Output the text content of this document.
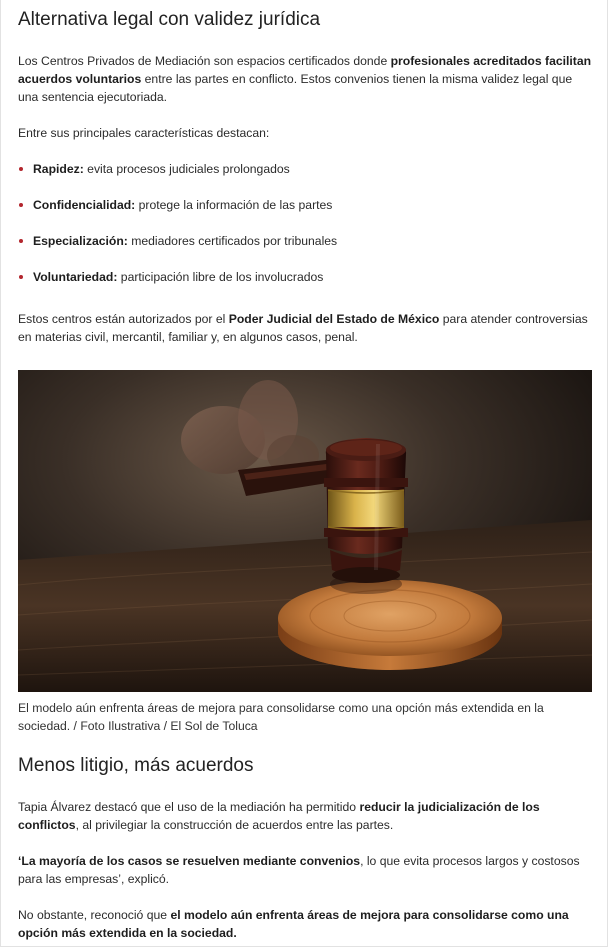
Alternativa legal con validez jurídica

Los Centros Privados de Mediación son espacios certificados donde profesionales acreditados facilitan acuerdos voluntarios entre las partes en conflicto. Estos convenios tienen la misma validez legal que una sentencia ejecutoriada.

Entre sus principales características destacan:

Rapidez: evita procesos judiciales prolongados
Confidencialidad: protege la información de las partes
Especialización: mediadores certificados por tribunales
Voluntariedad: participación libre de los involucrados

Estos centros están autorizados por el Poder Judicial del Estado de México para atender controversias en materias civil, mercantil, familiar y, en algunos casos, penal.

El modelo aún enfrenta áreas de mejora para consolidarse como una opción más extendida en la sociedad. / Foto Ilustrativa / El Sol de Toluca

Menos litigio, más acuerdos

Tapia Álvarez destacó que el uso de la mediación ha permitido reducir la judicialización de los conflictos, al privilegiar la construcción de acuerdos entre las partes.

‘La mayoría de los casos se resuelven mediante convenios, lo que evita procesos largos y costosos para las empresas’, explicó.

No obstante, reconoció que el modelo aún enfrenta áreas de mejora para consolidarse como una opción más extendida en la sociedad.
